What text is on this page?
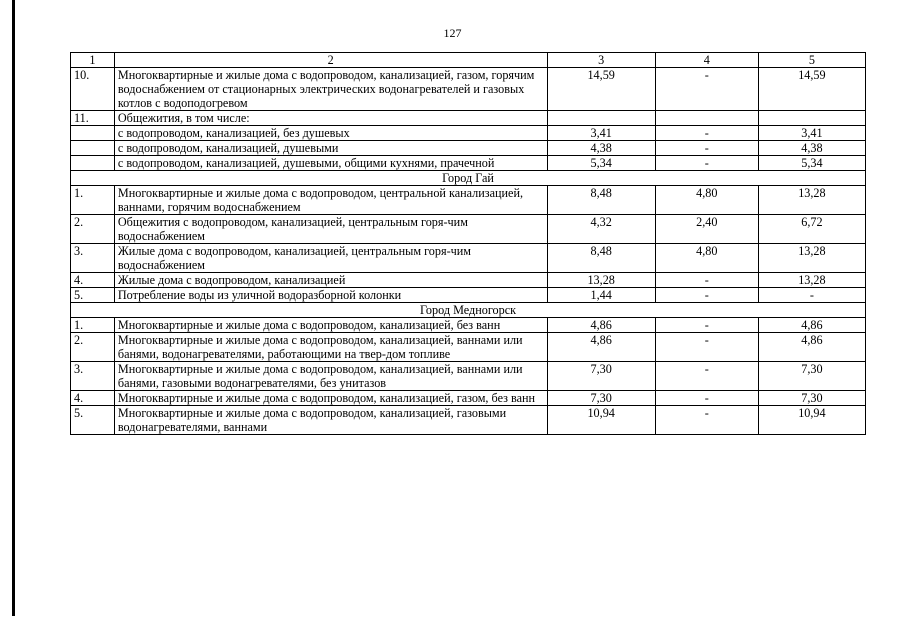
127
1	2	3	4	5
10.	Многоквартирные и жилые дома с водопроводом, канализацией, газом, горячим водоснабжением от стационарных электрических водонагревателей и газовых котлов с водоподогревом	14,59	-	14,59
11.	Общежития, в том числе:			
	с водопроводом, канализацией, без душевых	3,41	-	3,41
	с водопроводом, канализацией, душевыми	4,38	-	4,38
	с водопроводом, канализацией, душевыми, общими кухнями, прачечной	5,34	-	5,34
Город Гай				
1.	Многоквартирные и жилые дома с водопроводом, центральной канализацией, ваннами, горячим водоснабжением	8,48	4,80	13,28
2.	Общежития с водопроводом, канализацией, центральным горя-чим водоснабжением	4,32	2,40	6,72
3.	Жилые дома с водопроводом, канализацией, центральным горя-чим водоснабжением	8,48	4,80	13,28
4.	Жилые дома с водопроводом, канализацией	13,28	-	13,28
5.	Потребление воды из уличной водоразборной колонки	1,44	-	-
Город Медногорск				
1.	Многоквартирные и жилые дома с водопроводом, канализацией, без ванн	4,86	-	4,86
2.	Многоквартирные и жилые дома с водопроводом, канализацией, ваннами или банями, водонагревателями, работающими на твер-дом топливе	4,86	-	4,86
3.	Многоквартирные и жилые дома с водопроводом, канализацией, ваннами или банями, газовыми водонагревателями, без унитазов	7,30	-	7,30
4.	Многоквартирные и жилые дома с водопроводом, канализацией, газом, без ванн	7,30	-	7,30
5.	Многоквартирные и жилые дома с водопроводом, канализацией, газовыми водонагревателями, ваннами	10,94	-	10,94
